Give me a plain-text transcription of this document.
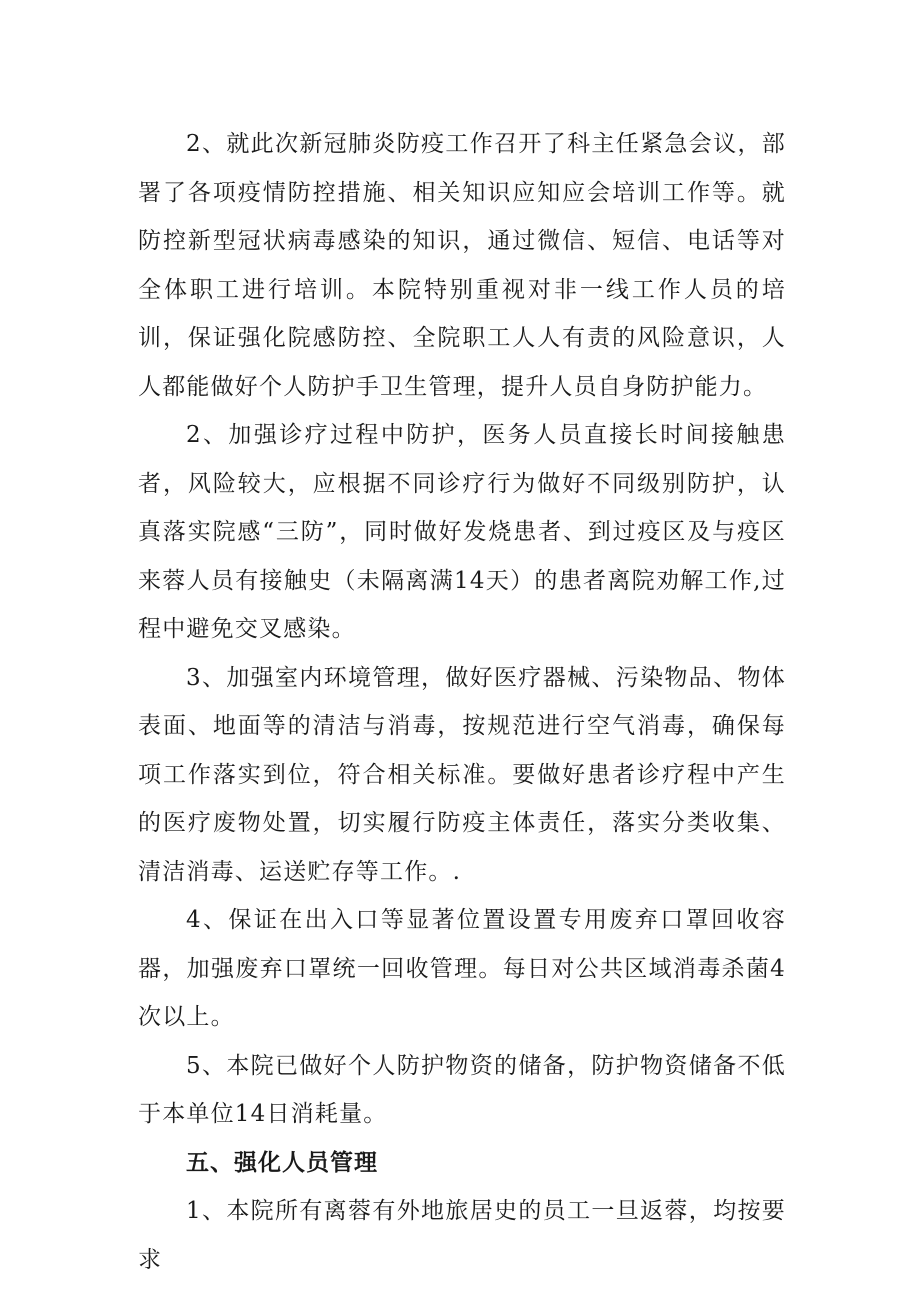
2、就此次新冠肺炎防疫工作召开了科主任紧急会议，部署了各项疫情防控措施、相关知识应知应会培训工作等。就防控新型冠状病毒感染的知识，通过微信、短信、电话等对全体职工进行培训。本院特别重视对非一线工作人员的培训，保证强化院感防控、全院职工人人有责的风险意识，人人都能做好个人防护手卫生管理，提升人员自身防护能力。

2、加强诊疗过程中防护，医务人员直接长时间接触患者，风险较大，应根据不同诊疗行为做好不同级别防护，认真落实院感“三防”，同时做好发烧患者、到过疫区及与疫区来蓉人员有接触史（未隔离满14天）的患者离院劝解工作,过程中避免交叉感染。

3、加强室内环境管理，做好医疗器械、污染物品、物体表面、地面等的清洁与消毒，按规范进行空气消毒，确保每项工作落实到位，符合相关标准。要做好患者诊疗程中产生的医疗废物处置，切实履行防疫主体责任，落实分类收集、清洁消毒、运送贮存等工作。.

4、保证在出入口等显著位置设置专用废弃口罩回收容器，加强废弃口罩统一回收管理。每日对公共区域消毒杀菌4次以上。

5、本院已做好个人防护物资的储备，防护物资储备不低于本单位14日消耗量。

五、强化人员管理

1、本院所有离蓉有外地旅居史的员工一旦返蓉，均按要求
